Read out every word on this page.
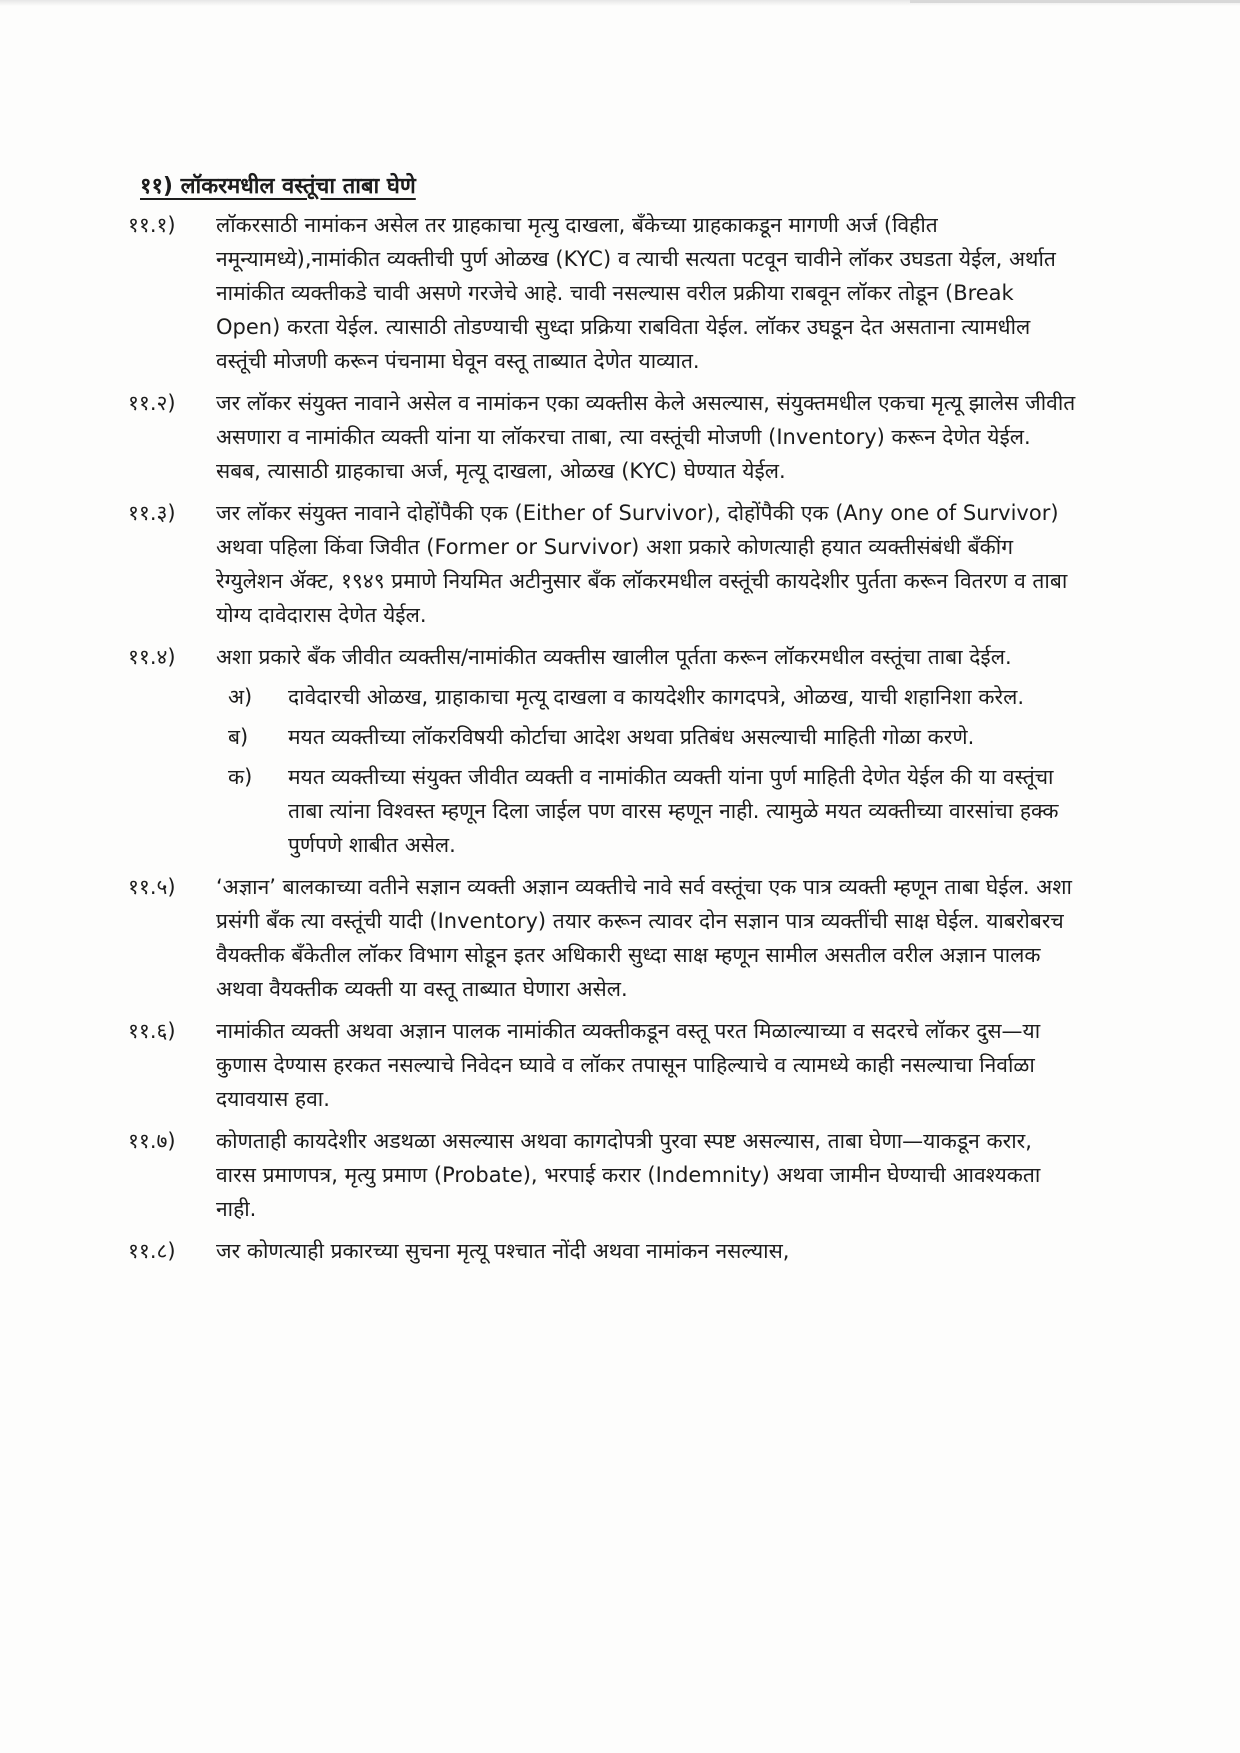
११) लॉकरमधील वस्तूंचा ताबा घेणे
११.१) लॉकरसाठी नामांकन असेल तर ग्राहकाचा मृत्यु दाखला, बँकेच्या ग्राहकाकडून मागणी अर्ज (विहीत नमून्यामध्ये),नामांकीत व्यक्तीची पुर्ण ओळख (KYC) व त्याची सत्यता पटवून चावीने लॉकर उघडता येईल, अर्थात नामांकीत व्यक्तीकडे चावी असणे गरजेचे आहे. चावी नसल्यास वरील प्रक्रीया राबवून लॉकर तोडून (Break Open) करता येईल. त्यासाठी तोडण्याची सुध्दा प्रक्रिया राबविता येईल. लॉकर उघडून देत असताना त्यामधील वस्तूंची मोजणी करून पंचनामा घेवून वस्तू ताब्यात देणेत याव्यात.
११.२) जर लॉकर संयुक्त नावाने असेल व नामांकन एका व्यक्तीस केले असल्यास, संयुक्तमधील एकचा मृत्यू झालेस जीवीत असणारा व नामांकीत व्यक्ती यांना या लॉकरचा ताबा, त्या वस्तूंची मोजणी (Inventory) करून देणेत येईल. सबब, त्यासाठी ग्राहकाचा अर्ज, मृत्यू दाखला, ओळख (KYC) घेण्यात येईल.
११.३) जर लॉकर संयुक्त नावाने दोहोंपैकी एक (Either of Survivor), दोहोंपैकी एक (Any one of Survivor) अथवा पहिला किंवा जिवीत (Former or Survivor) अशा प्रकारे कोणत्याही हयात व्यक्तीसंबंधी बँकींग रेग्युलेशन ॲक्ट, १९४९ प्रमाणे नियमित अटीनुसार बँक लॉकरमधील वस्तूंची कायदेशीर पुर्तता करून वितरण व ताबा योग्य दावेदारास देणेत येईल.
११.४) अशा प्रकारे बँक जीवीत व्यक्तीस/नामांकीत व्यक्तीस खालील पूर्तता करून लॉकरमधील वस्तूंचा ताबा देईल.
अ) दावेदारची ओळख, ग्राहाकाचा मृत्यू दाखला व कायदेशीर कागदपत्रे, ओळख, याची शहानिशा करेल.
ब) मयत व्यक्तीच्या लॉकरविषयी कोर्टाचा आदेश अथवा प्रतिबंध असल्याची माहिती गोळा करणे.
क) मयत व्यक्तीच्या संयुक्त जीवीत व्यक्ती व नामांकीत व्यक्ती यांना पुर्ण माहिती देणेत येईल की या वस्तूंचा ताबा त्यांना विश्वस्त म्हणून दिला जाईल पण वारस म्हणून नाही. त्यामुळे मयत व्यक्तीच्या वारसांचा हक्क पुर्णपणे शाबीत असेल.
११.५) ‘अज्ञान’ बालकाच्या वतीने सज्ञान व्यक्ती अज्ञान व्यक्तीचे नावे सर्व वस्तूंचा एक पात्र व्यक्ती म्हणून ताबा घेईल. अशा प्रसंगी बँक त्या वस्तूंची यादी (Inventory) तयार करून त्यावर दोन सज्ञान पात्र व्यक्तींची साक्ष घेईल. याबरोबरच वैयक्तीक बँकेतील लॉकर विभाग सोडून इतर अधिकारी सुध्दा साक्ष म्हणून सामील असतील वरील अज्ञान पालक अथवा वैयक्तीक व्यक्ती या वस्तू ताब्यात घेणारा असेल.
११.६) नामांकीत व्यक्ती अथवा अज्ञान पालक नामांकीत व्यक्तीकडून वस्तू परत मिळाल्याच्या व सदरचे लॉकर दुस—या कुणास देण्यास हरकत नसल्याचे निवेदन घ्यावे व लॉकर तपासून पाहिल्याचे व त्यामध्ये काही नसल्याचा निर्वाळा दयावयास हवा.
११.७) कोणताही कायदेशीर अडथळा असल्यास अथवा कागदोपत्री पुरवा स्पष्ट असल्यास, ताबा घेणा—याकडून करार, वारस प्रमाणपत्र, मृत्यु प्रमाण (Probate), भरपाई करार (Indemnity) अथवा जामीन घेण्याची आवश्यकता नाही.
११.८) जर कोणत्याही प्रकारच्या सुचना मृत्यू पश्चात नोंदी अथवा नामांकन नसल्यास,
